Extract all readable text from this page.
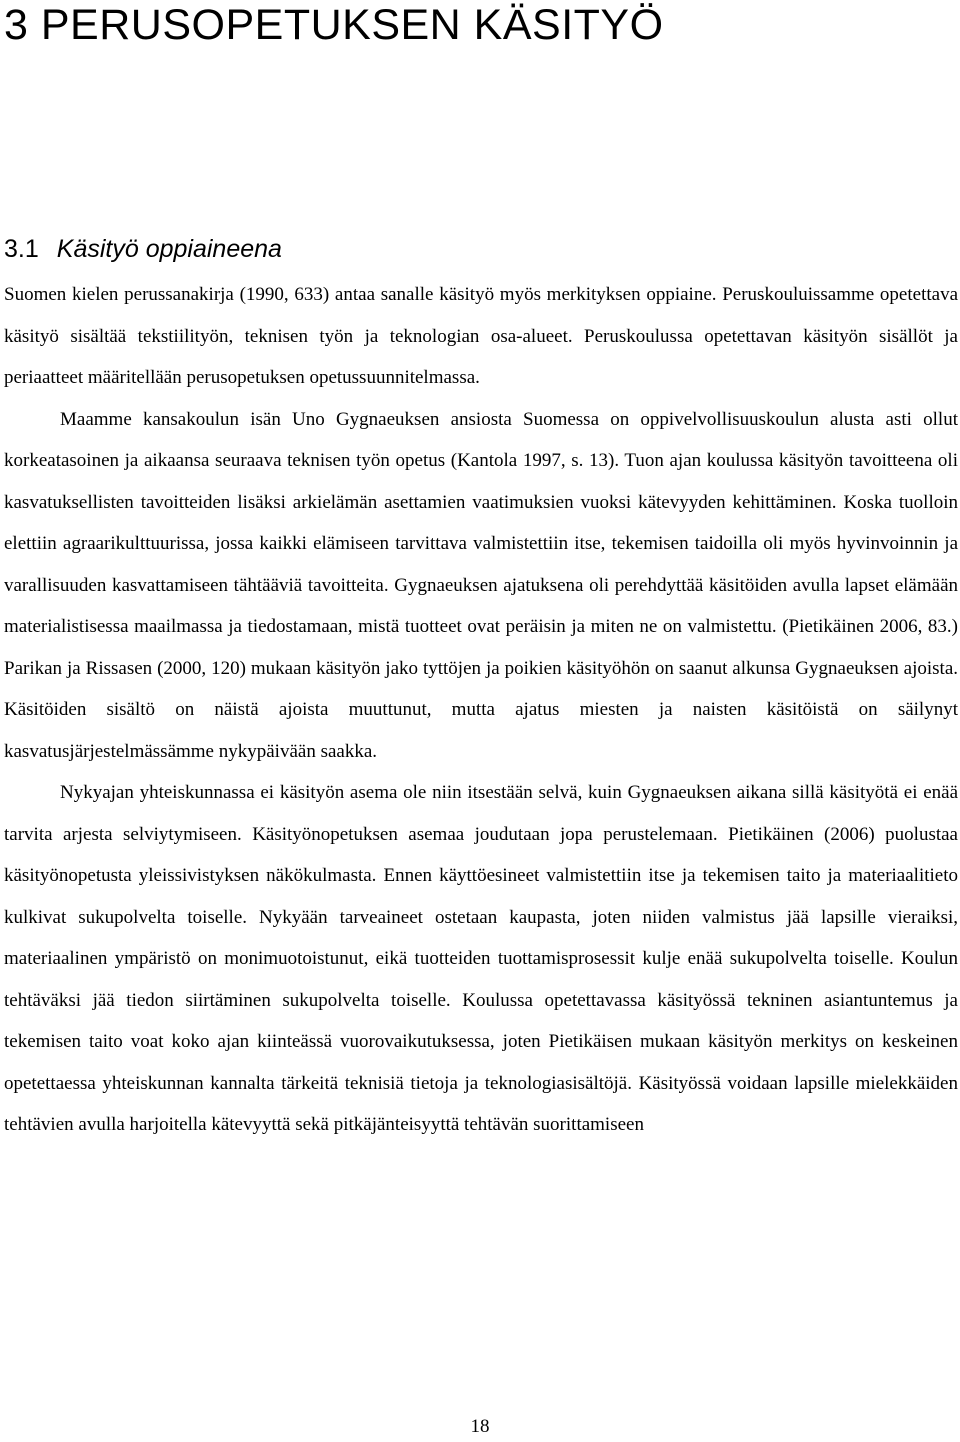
3 PERUSOPETUKSEN KÄSITYÖ
3.1 Käsityö oppiaineena

Suomen kielen perussanakirja (1990, 633) antaa sanalle käsityö myös merkityksen oppiaine. Peruskouluissamme opetettava käsityö sisältää tekstiilityön, teknisen työn ja teknologian osa-alueet. Peruskoulussa opetettavan käsityön sisällöt ja periaatteet määritellään perusopetuksen opetussuunnitelmassa.

Maamme kansakoulun isän Uno Gygnaeuksen ansiosta Suomessa on oppivelvollisuuskoulun alusta asti ollut korkeatasoinen ja aikaansa seuraava teknisen työn opetus (Kantola 1997, s. 13). Tuon ajan koulussa käsityön tavoitteena oli kasvatuksellisten tavoitteiden lisäksi arkielämän asettamien vaatimuksien vuoksi kätevyyden kehittäminen. Koska tuolloin elettiin agraarikulttuurissa, jossa kaikki elämiseen tarvittava valmistettiin itse, tekemisen taidoilla oli myös hyvinvoinnin ja varallisuuden kasvattamiseen tähtääviä tavoitteita. Gygnaeuksen ajatuksena oli perehdyttää käsitöiden avulla lapset elämään materialistisessa maailmassa ja tiedostamaan, mistä tuotteet ovat peräisin ja miten ne on valmistettu. (Pietikäinen 2006, 83.) Parikan ja Rissasen (2000, 120) mukaan käsityön jako tyttöjen ja poikien käsityöhön on saanut alkunsa Gygnaeuksen ajoista. Käsitöiden sisältö on näistä ajoista muuttunut, mutta ajatus miesten ja naisten käsitöistä on säilynyt kasvatusjärjestelmässämme nykypäivään saakka.

Nykyajan yhteiskunnassa ei käsityön asema ole niin itsestään selvä, kuin Gygnaeuksen aikana sillä käsityötä ei enää tarvita arjesta selviytymiseen. Käsityönopetuksen asemaa joudutaan jopa perustelemaan. Pietikäinen (2006) puolustaa käsityönopetusta yleissivistyksen näkökulmasta. Ennen käyttöesineet valmistettiin itse ja tekemisen taito ja materiaalitieto kulkivat sukupolvelta toiselle. Nykyään tarveaineet ostetaan kaupasta, joten niiden valmistus jää lapsille vieraiksi, materiaalinen ympäristö on monimuotoistunut, eikä tuotteiden tuottamisprosessit kulje enää sukupolvelta toiselle. Koulun tehtäväksi jää tiedon siirtäminen sukupolvelta toiselle. Koulussa opetettavassa käsityössä tekninen asiantuntemus ja tekemisen taito voat koko ajan kiinteässä vuorovaikutuksessa, joten Pietikäisen mukaan käsityön merkitys on keskeinen opetettaessa yhteiskunnan kannalta tärkeitä teknisiä tietoja ja teknologiasisältöjä. Käsityössä voidaan lapsille mielekkäiden tehtävien avulla harjoitella kätevyyttä sekä pitkäjänteisyyttä tehtävän suorittamiseen

18
